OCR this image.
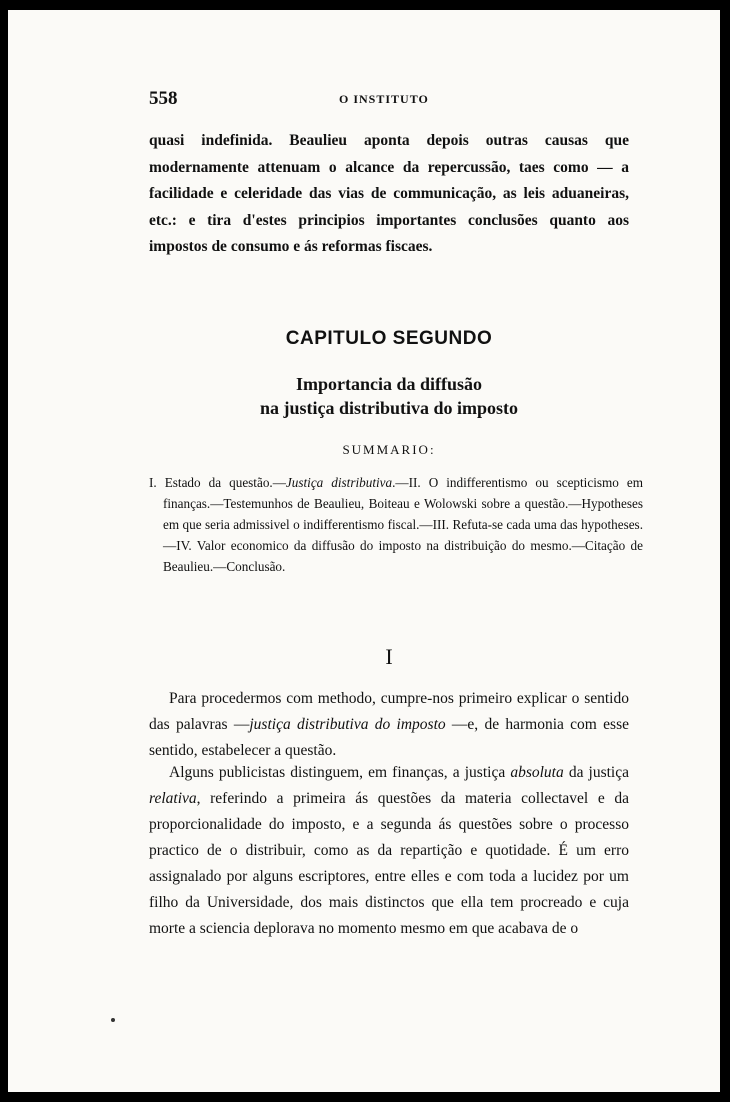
558	O INSTITUTO

quasi indefinida. Beaulieu aponta depois outras causas que modernamente attenuam o alcance da repercussão, taes como — a facilidade e celeridade das vias de communicação, as leis aduaneiras, etc.: e tira d'estes principios importantes conclusões quanto aos impostos de consumo e ás reformas fiscaes.

CAPITULO SEGUNDO
Importancia da diffusão
na justiça distributiva do imposto
SUMMARIO:

I. Estado da questão.—Justiça distributiva.—II. O indifferentismo ou scepticismo em finanças.—Testemunhos de Beaulieu, Boiteau e Wolowski sobre a questão.—Hypotheses em que seria admissivel o indifferentismo fiscal.—III. Refuta-se cada uma das hypotheses.—IV. Valor economico da diffusão do imposto na distribuição do mesmo.—Citação de Beaulieu.—Conclusão.

I

Para procedermos com methodo, cumpre-nos primeiro explicar o sentido das palavras —justiça distributiva do imposto —e, de harmonia com esse sentido, estabelecer a questão.

Alguns publicistas distinguem, em finanças, a justiça absoluta da justiça relativa, referindo a primeira ás questões da materia collectavel e da proporcionalidade do imposto, e a segunda ás questões sobre o processo practico de o distribuir, como as da repartição e quotidade. É um erro assignalado por alguns escriptores, entre elles e com toda a lucidez por um filho da Universidade, dos mais distinctos que ella tem procreado e cuja morte a sciencia deplorava no momento mesmo em que acabava de o
